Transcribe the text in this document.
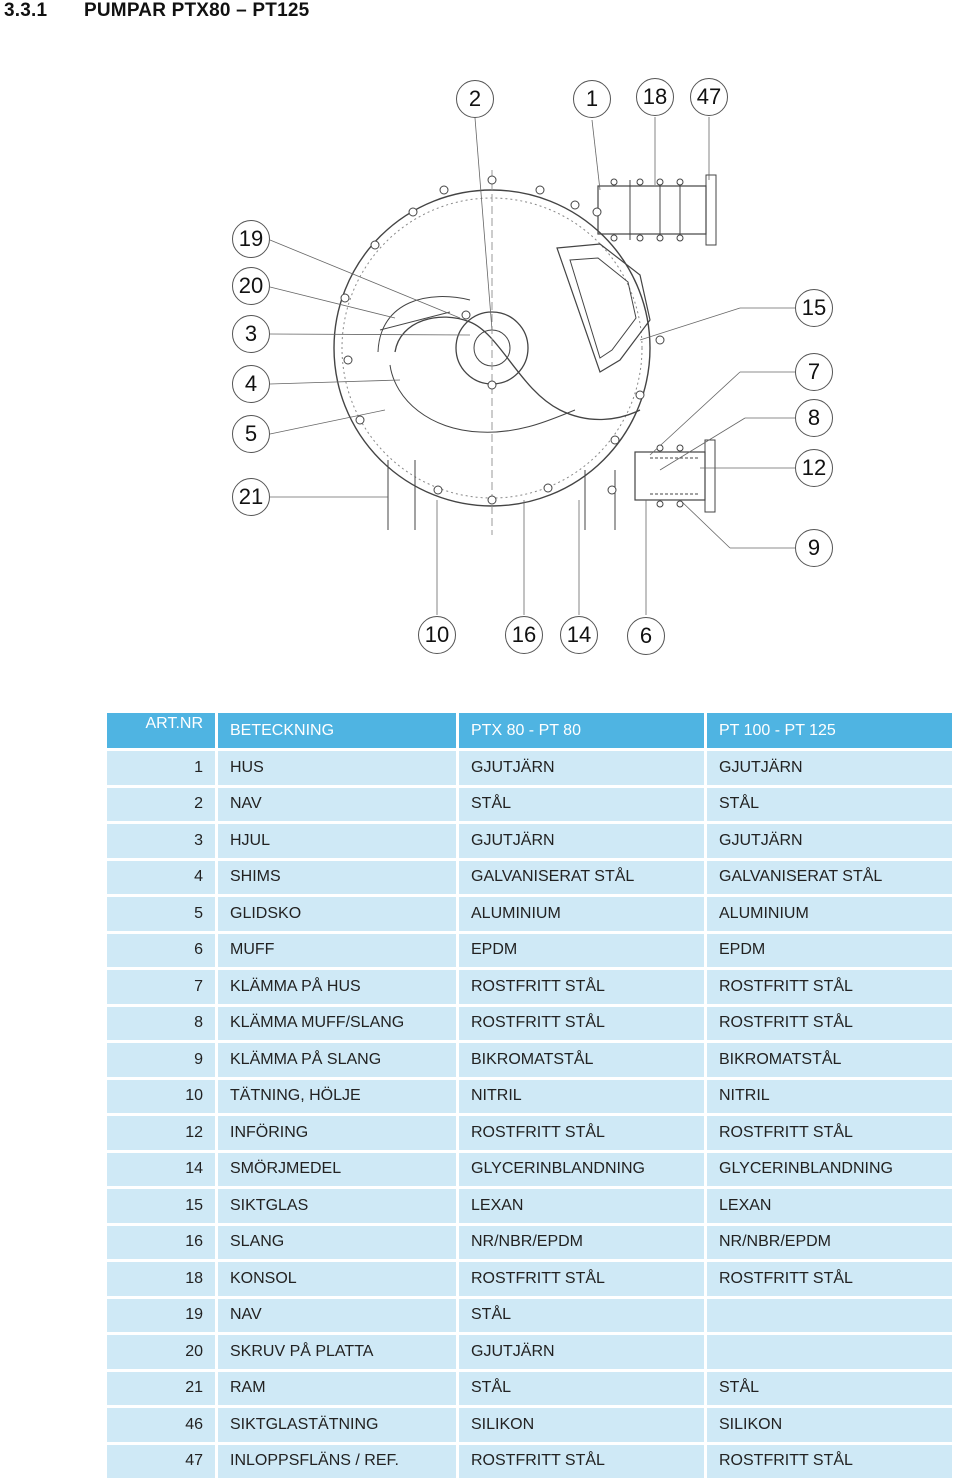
3.3.1 PUMPAR PTX80 – PT125
2	1	18	47
19
20
3
4
5
21
15
7
8
12
9
10	16	14	6
ART.NR	BETECKNING	PTX 80 - PT 80	PT 100 - PT 125
1	HUS	GJUTJÄRN	GJUTJÄRN
2	NAV	STÅL	STÅL
3	HJUL	GJUTJÄRN	GJUTJÄRN
4	SHIMS	GALVANISERAT STÅL	GALVANISERAT STÅL
5	GLIDSKO	ALUMINIUM	ALUMINIUM
6	MUFF	EPDM	EPDM
7	KLÄMMA PÅ HUS	ROSTFRITT STÅL	ROSTFRITT STÅL
8	KLÄMMA MUFF/SLANG	ROSTFRITT STÅL	ROSTFRITT STÅL
9	KLÄMMA PÅ SLANG	BIKROMATSTÅL	BIKROMATSTÅL
10	TÄTNING, HÖLJE	NITRIL	NITRIL
12	INFÖRING	ROSTFRITT STÅL	ROSTFRITT STÅL
14	SMÖRJMEDEL	GLYCERINBLANDNING	GLYCERINBLANDNING
15	SIKTGLAS	LEXAN	LEXAN
16	SLANG	NR/NBR/EPDM	NR/NBR/EPDM
18	KONSOL	ROSTFRITT STÅL	ROSTFRITT STÅL
19	NAV	STÅL	
20	SKRUV PÅ PLATTA	GJUTJÄRN	
21	RAM	STÅL	STÅL
46	SIKTGLASTÄTNING	SILIKON	SILIKON
47	INLOPPSFLÄNS / REF.	ROSTFRITT STÅL	ROSTFRITT STÅL
